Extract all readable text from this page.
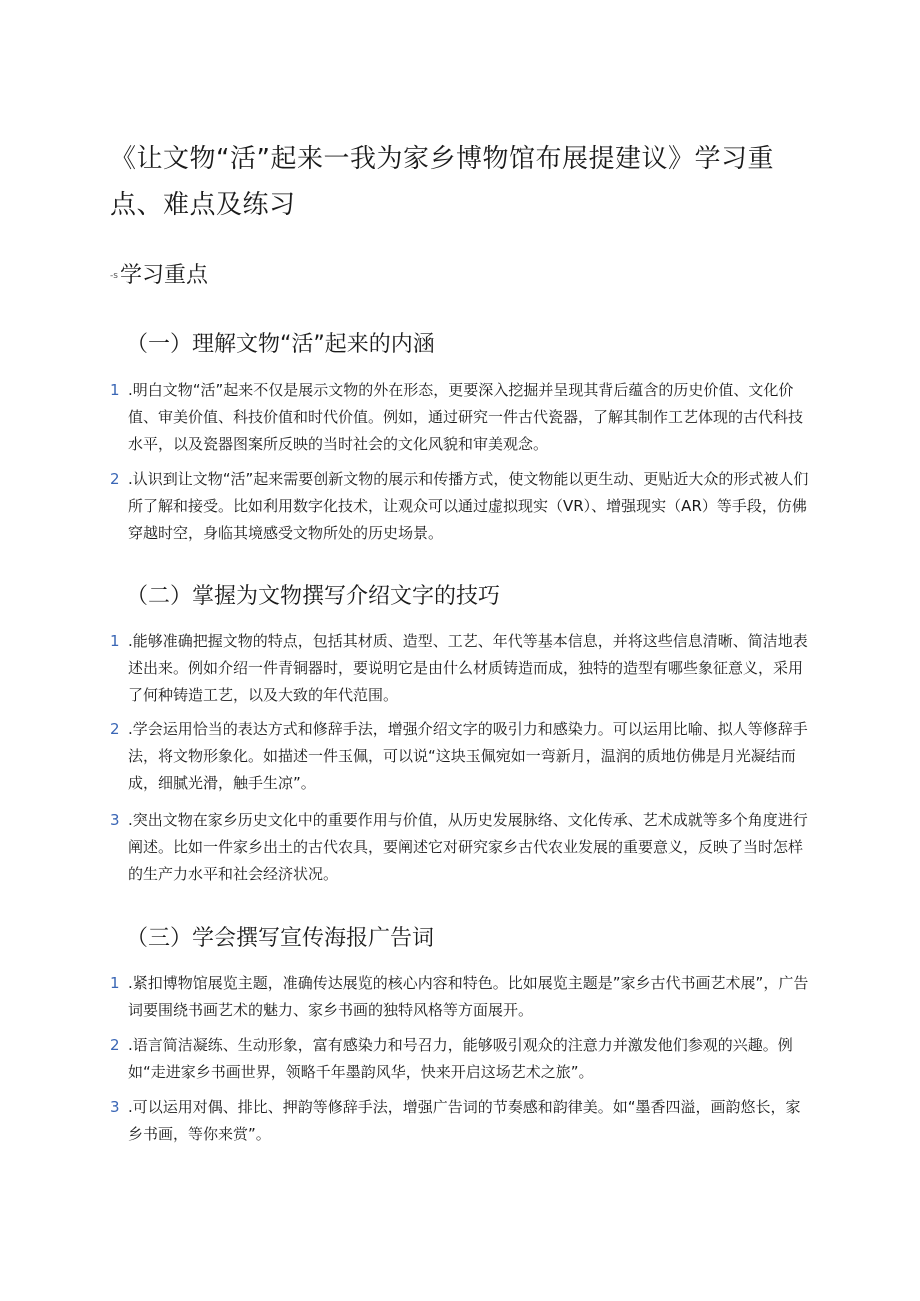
《让文物“活”起来一我为家乡博物馆布展提建议》学习重点、难点及练习
-s学习重点
（一）理解文物“活”起来的内涵
1 .明白文物“活”起来不仅是展示文物的外在形态，更要深入挖掘并呈现其背后蕴含的历史价值、文化价值、审美价值、科技价值和时代价值。例如，通过研究一件古代瓷器，了解其制作工艺体现的古代科技水平，以及瓷器图案所反映的当时社会的文化风貌和审美观念。
2 .认识到让文物“活”起来需要创新文物的展示和传播方式，使文物能以更生动、更贴近大众的形式被人们所了解和接受。比如利用数字化技术，让观众可以通过虚拟现实（VR）、增强现实（AR）等手段，仿佛穿越时空，身临其境感受文物所处的历史场景。
（二）掌握为文物撰写介绍文字的技巧
1 .能够准确把握文物的特点，包括其材质、造型、工艺、年代等基本信息，并将这些信息清晰、简洁地表述出来。例如介绍一件青铜器时，要说明它是由什么材质铸造而成，独特的造型有哪些象征意义，采用了何种铸造工艺，以及大致的年代范围。
2 .学会运用恰当的表达方式和修辞手法，增强介绍文字的吸引力和感染力。可以运用比喻、拟人等修辞手法，将文物形象化。如描述一件玉佩，可以说“这块玉佩宛如一弯新月，温润的质地仿佛是月光凝结而成，细腻光滑，触手生凉”。
3 .突出文物在家乡历史文化中的重要作用与价值，从历史发展脉络、文化传承、艺术成就等多个角度进行阐述。比如一件家乡出土的古代农具，要阐述它对研究家乡古代农业发展的重要意义，反映了当时怎样的生产力水平和社会经济状况。
（三）学会撰写宣传海报广告词
1 .紧扣博物馆展览主题，准确传达展览的核心内容和特色。比如展览主题是”家乡古代书画艺术展”，广告词要围绕书画艺术的魅力、家乡书画的独特风格等方面展开。
2 .语言简洁凝练、生动形象，富有感染力和号召力，能够吸引观众的注意力并激发他们参观的兴趣。例如“走进家乡书画世界，领略千年墨韵风华，快来开启这场艺术之旅”。
3 .可以运用对偶、排比、押韵等修辞手法，增强广告词的节奏感和韵律美。如“墨香四溢，画韵悠长，家乡书画，等你来赏”。
